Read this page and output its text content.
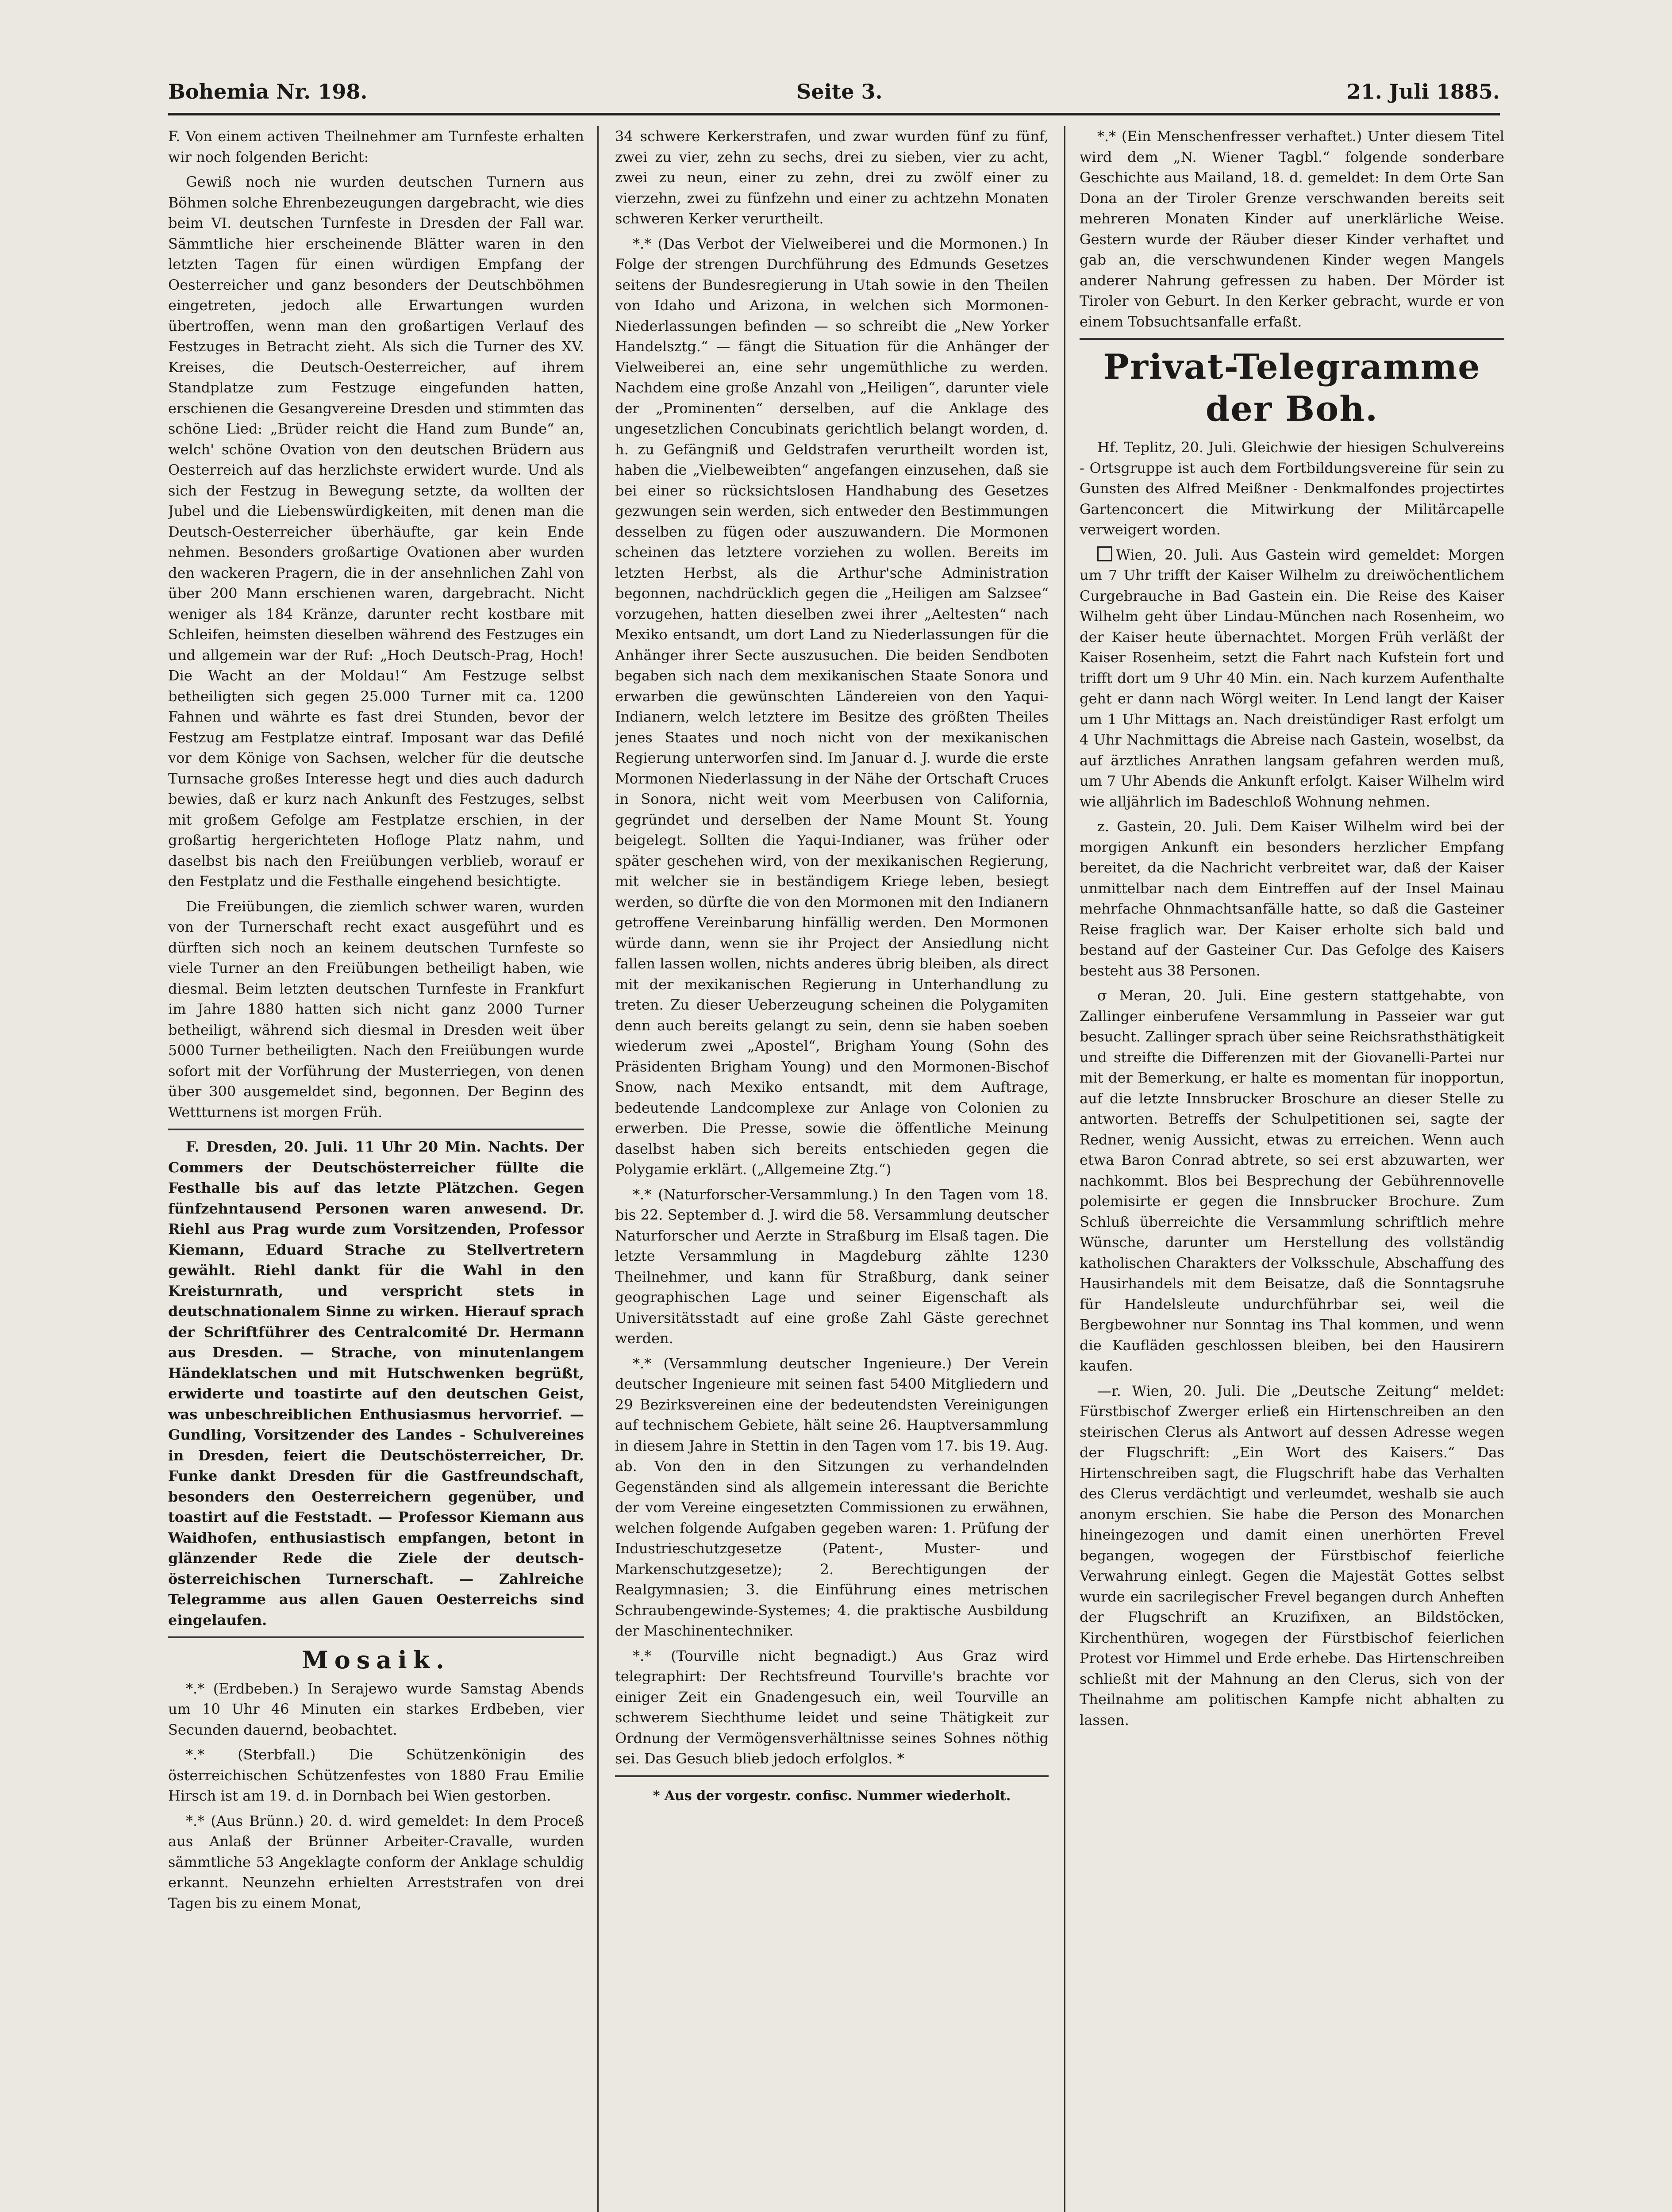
Bohemia Nr. 198.	Seite 3.	21. Juli 1885.

F. Von einem activen Theilnehmer am Turnfeste erhalten wir noch folgenden Bericht:

Gewiß noch nie wurden deutschen Turnern aus Böhmen solche Ehrenbezeugungen dargebracht, wie dies beim VI. deutschen Turnfeste in Dresden der Fall war. Sämmtliche hier erscheinende Blätter waren in den letzten Tagen für einen würdigen Empfang der Oesterreicher und ganz besonders der Deutschböhmen eingetreten, jedoch alle Erwartungen wurden übertroffen, wenn man den großartigen Verlauf des Festzuges in Betracht zieht. Als sich die Turner des XV. Kreises, die Deutsch-Oesterreicher, auf ihrem Standplatze zum Festzuge eingefunden hatten, erschienen die Gesangvereine Dresden und stimmten das schöne Lied: „Brüder reicht die Hand zum Bunde“ an, welch' schöne Ovation von den deutschen Brüdern aus Oesterreich auf das herzlichste erwidert wurde. Und als sich der Festzug in Bewegung setzte, da wollten der Jubel und die Liebenswürdigkeiten, mit denen man die Deutsch-Oesterreicher überhäufte, gar kein Ende nehmen. Besonders großartige Ovationen aber wurden den wackeren Pragern, die in der ansehnlichen Zahl von über 200 Mann erschienen waren, dargebracht. Nicht weniger als 184 Kränze, darunter recht kostbare mit Schleifen, heimsten dieselben während des Festzuges ein und allgemein war der Ruf: „Hoch Deutsch-Prag, Hoch! Die Wacht an der Moldau!“ Am Festzuge selbst betheiligten sich gegen 25.000 Turner mit ca. 1200 Fahnen und währte es fast drei Stunden, bevor der Festzug am Festplatze eintraf. Imposant war das Defilé vor dem Könige von Sachsen, welcher für die deutsche Turnsache großes Interesse hegt und dies auch dadurch bewies, daß er kurz nach Ankunft des Festzuges, selbst mit großem Gefolge am Festplatze erschien, in der großartig hergerichteten Hofloge Platz nahm, und daselbst bis nach den Freiübungen verblieb, worauf er den Festplatz und die Festhalle eingehend besichtigte.

Die Freiübungen, die ziemlich schwer waren, wurden von der Turnerschaft recht exact ausgeführt und es dürften sich noch an keinem deutschen Turnfeste so viele Turner an den Freiübungen betheiligt haben, wie diesmal. Beim letzten deutschen Turnfeste in Frankfurt im Jahre 1880 hatten sich nicht ganz 2000 Turner betheiligt, während sich diesmal in Dresden weit über 5000 Turner betheiligten. Nach den Freiübungen wurde sofort mit der Vorführung der Musterriegen, von denen über 300 ausgemeldet sind, begonnen. Der Beginn des Wettturnens ist morgen Früh.

F. Dresden, 20. Juli. 11 Uhr 20 Min. Nachts. Der Commers der Deutschösterreicher füllte die Festhalle bis auf das letzte Plätzchen. Gegen fünfzehntausend Personen waren anwesend. Dr. Riehl aus Prag wurde zum Vorsitzenden, Professor Kiemann, Eduard Strache zu Stellvertretern gewählt. Riehl dankt für die Wahl in den Kreisturnrath, und verspricht stets in deutschnationalem Sinne zu wirken. Hierauf sprach der Schriftführer des Centralcomité Dr. Hermann aus Dresden. — Strache, von minutenlangem Händeklatschen und mit Hutschwenken begrüßt, erwiderte und toastirte auf den deutschen Geist, was unbeschreiblichen Enthusiasmus hervorrief. — Gundling, Vorsitzender des Landes - Schulvereines in Dresden, feiert die Deutschösterreicher, Dr. Funke dankt Dresden für die Gastfreundschaft, besonders den Oesterreichern gegenüber, und toastirt auf die Feststadt. — Professor Kiemann aus Waidhofen, enthusiastisch empfangen, betont in glänzender Rede die Ziele der deutsch-österreichischen Turnerschaft. — Zahlreiche Telegramme aus allen Gauen Oesterreichs sind eingelaufen.

Mosaik.

*.* (Erdbeben.) In Serajewo wurde Samstag Abends um 10 Uhr 46 Minuten ein starkes Erdbeben, vier Secunden dauernd, beobachtet.

*.* (Sterbfall.) Die Schützenkönigin des österreichischen Schützenfestes von 1880 Frau Emilie Hirsch ist am 19. d. in Dornbach bei Wien gestorben.

*.* (Aus Brünn.) 20. d. wird gemeldet: In dem Proceß aus Anlaß der Brünner Arbeiter-Cravalle, wurden sämmtliche 53 Angeklagte conform der Anklage schuldig erkannt. Neunzehn erhielten Arreststrafen von drei Tagen bis zu einem Monat,

34 schwere Kerkerstrafen, und zwar wurden fünf zu fünf, zwei zu vier, zehn zu sechs, drei zu sieben, vier zu acht, zwei zu neun, einer zu zehn, drei zu zwölf einer zu vierzehn, zwei zu fünfzehn und einer zu achtzehn Monaten schweren Kerker verurtheilt.

*.* (Das Verbot der Vielweiberei und die Mormonen.) In Folge der strengen Durchführung des Edmunds Gesetzes seitens der Bundesregierung in Utah sowie in den Theilen von Idaho und Arizona, in welchen sich Mormonen-Niederlassungen befinden — so schreibt die „New Yorker Handelsztg.“ — fängt die Situation für die Anhänger der Vielweiberei an, eine sehr ungemüthliche zu werden. Nachdem eine große Anzahl von „Heiligen“, darunter viele der „Prominenten“ derselben, auf die Anklage des ungesetzlichen Concubinats gerichtlich belangt worden, d. h. zu Gefängniß und Geldstrafen verurtheilt worden ist, haben die „Vielbeweibten“ angefangen einzusehen, daß sie bei einer so rücksichtslosen Handhabung des Gesetzes gezwungen sein werden, sich entweder den Bestimmungen desselben zu fügen oder auszuwandern. Die Mormonen scheinen das letztere vorziehen zu wollen. Bereits im letzten Herbst, als die Arthur'sche Administration begonnen, nachdrücklich gegen die „Heiligen am Salzsee“ vorzugehen, hatten dieselben zwei ihrer „Aeltesten“ nach Mexiko entsandt, um dort Land zu Niederlassungen für die Anhänger ihrer Secte auszusuchen. Die beiden Sendboten begaben sich nach dem mexikanischen Staate Sonora und erwarben die gewünschten Ländereien von den Yaqui-Indianern, welch letztere im Besitze des größten Theiles jenes Staates und noch nicht von der mexikanischen Regierung unterworfen sind. Im Januar d. J. wurde die erste Mormonen Niederlassung in der Nähe der Ortschaft Cruces in Sonora, nicht weit vom Meerbusen von California, gegründet und derselben der Name Mount St. Young beigelegt. Sollten die Yaqui-Indianer, was früher oder später geschehen wird, von der mexikanischen Regierung, mit welcher sie in beständigem Kriege leben, besiegt werden, so dürfte die von den Mormonen mit den Indianern getroffene Vereinbarung hinfällig werden. Den Mormonen würde dann, wenn sie ihr Project der Ansiedlung nicht fallen lassen wollen, nichts anderes übrig bleiben, als direct mit der mexikanischen Regierung in Unterhandlung zu treten. Zu dieser Ueberzeugung scheinen die Polygamiten denn auch bereits gelangt zu sein, denn sie haben soeben wiederum zwei „Apostel“, Brigham Young (Sohn des Präsidenten Brigham Young) und den Mormonen-Bischof Snow, nach Mexiko entsandt, mit dem Auftrage, bedeutende Landcomplexe zur Anlage von Colonien zu erwerben. Die Presse, sowie die öffentliche Meinung daselbst haben sich bereits entschieden gegen die Polygamie erklärt. („Allgemeine Ztg.“)

*.* (Naturforscher-Versammlung.) In den Tagen vom 18. bis 22. September d. J. wird die 58. Versammlung deutscher Naturforscher und Aerzte in Straßburg im Elsaß tagen. Die letzte Versammlung in Magdeburg zählte 1230 Theilnehmer, und kann für Straßburg, dank seiner geographischen Lage und seiner Eigenschaft als Universitätsstadt auf eine große Zahl Gäste gerechnet werden.

*.* (Versammlung deutscher Ingenieure.) Der Verein deutscher Ingenieure mit seinen fast 5400 Mitgliedern und 29 Bezirksvereinen eine der bedeutendsten Vereinigungen auf technischem Gebiete, hält seine 26. Hauptversammlung in diesem Jahre in Stettin in den Tagen vom 17. bis 19. Aug. ab. Von den in den Sitzungen zu verhandelnden Gegenständen sind als allgemein interessant die Berichte der vom Vereine eingesetzten Commissionen zu erwähnen, welchen folgende Aufgaben gegeben waren: 1. Prüfung der Industrieschutzgesetze (Patent-, Muster- und Markenschutzgesetze); 2. Berechtigungen der Realgymnasien; 3. die Einführung eines metrischen Schraubengewinde-Systemes; 4. die praktische Ausbildung der Maschinentechniker.

*.* (Tourville nicht begnadigt.) Aus Graz wird telegraphirt: Der Rechtsfreund Tourville's brachte vor einiger Zeit ein Gnadengesuch ein, weil Tourville an schwerem Siechthume leidet und seine Thätigkeit zur Ordnung der Vermögensverhältnisse seines Sohnes nöthig sei. Das Gesuch blieb jedoch erfolglos. *

* Aus der vorgestr. confisc. Nummer wiederholt.

*.* (Ein Menschenfresser verhaftet.) Unter diesem Titel wird dem „N. Wiener Tagbl.“ folgende sonderbare Geschichte aus Mailand, 18. d. gemeldet: In dem Orte San Dona an der Tiroler Grenze verschwanden bereits seit mehreren Monaten Kinder auf unerklärliche Weise. Gestern wurde der Räuber dieser Kinder verhaftet und gab an, die verschwundenen Kinder wegen Mangels anderer Nahrung gefressen zu haben. Der Mörder ist Tiroler von Geburt. In den Kerker gebracht, wurde er von einem Tobsuchtsanfalle erfaßt.

Privat-Telegramme der Boh.

Hf. Teplitz, 20. Juli. Gleichwie der hiesigen Schulvereins - Ortsgruppe ist auch dem Fortbildungsvereine für sein zu Gunsten des Alfred Meißner - Denkmalfondes projectirtes Gartenconcert die Mitwirkung der Militärcapelle verweigert worden.

Wien, 20. Juli. Aus Gastein wird gemeldet: Morgen um 7 Uhr trifft der Kaiser Wilhelm zu dreiwöchentlichem Curgebrauche in Bad Gastein ein. Die Reise des Kaiser Wilhelm geht über Lindau-München nach Rosenheim, wo der Kaiser heute übernachtet. Morgen Früh verläßt der Kaiser Rosenheim, setzt die Fahrt nach Kufstein fort und trifft dort um 9 Uhr 40 Min. ein. Nach kurzem Aufenthalte geht er dann nach Wörgl weiter. In Lend langt der Kaiser um 1 Uhr Mittags an. Nach dreistündiger Rast erfolgt um 4 Uhr Nachmittags die Abreise nach Gastein, woselbst, da auf ärztliches Anrathen langsam gefahren werden muß, um 7 Uhr Abends die Ankunft erfolgt. Kaiser Wilhelm wird wie alljährlich im Badeschloß Wohnung nehmen.

z. Gastein, 20. Juli. Dem Kaiser Wilhelm wird bei der morgigen Ankunft ein besonders herzlicher Empfang bereitet, da die Nachricht verbreitet war, daß der Kaiser unmittelbar nach dem Eintreffen auf der Insel Mainau mehrfache Ohnmachtsanfälle hatte, so daß die Gasteiner Reise fraglich war. Der Kaiser erholte sich bald und bestand auf der Gasteiner Cur. Das Gefolge des Kaisers besteht aus 38 Personen.

σ Meran, 20. Juli. Eine gestern stattgehabte, von Zallinger einberufene Versammlung in Passeier war gut besucht. Zallinger sprach über seine Reichsrathsthätigkeit und streifte die Differenzen mit der Giovanelli-Partei nur mit der Bemerkung, er halte es momentan für inopportun, auf die letzte Innsbrucker Broschure an dieser Stelle zu antworten. Betreffs der Schulpetitionen sei, sagte der Redner, wenig Aussicht, etwas zu erreichen. Wenn auch etwa Baron Conrad abtrete, so sei erst abzuwarten, wer nachkommt. Blos bei Besprechung der Gebührennovelle polemisirte er gegen die Innsbrucker Brochure. Zum Schluß überreichte die Versammlung schriftlich mehre Wünsche, darunter um Herstellung des vollständig katholischen Charakters der Volksschule, Abschaffung des Hausirhandels mit dem Beisatze, daß die Sonntagsruhe für Handelsleute undurchführbar sei, weil die Bergbewohner nur Sonntag ins Thal kommen, und wenn die Kaufläden geschlossen bleiben, bei den Hausirern kaufen.

—r. Wien, 20. Juli. Die „Deutsche Zeitung“ meldet: Fürstbischof Zwerger erließ ein Hirtenschreiben an den steirischen Clerus als Antwort auf dessen Adresse wegen der Flugschrift: „Ein Wort des Kaisers.“ Das Hirtenschreiben sagt, die Flugschrift habe das Verhalten des Clerus verdächtigt und verleumdet, weshalb sie auch anonym erschien. Sie habe die Person des Monarchen hineingezogen und damit einen unerhörten Frevel begangen, wogegen der Fürstbischof feierliche Verwahrung einlegt. Gegen die Majestät Gottes selbst wurde ein sacrilegischer Frevel begangen durch Anheften der Flugschrift an Kruzifixen, an Bildstöcken, Kirchenthüren, wogegen der Fürstbischof feierlichen Protest vor Himmel und Erde erhebe. Das Hirtenschreiben schließt mit der Mahnung an den Clerus, sich von der Theilnahme am politischen Kampfe nicht abhalten zu lassen.
